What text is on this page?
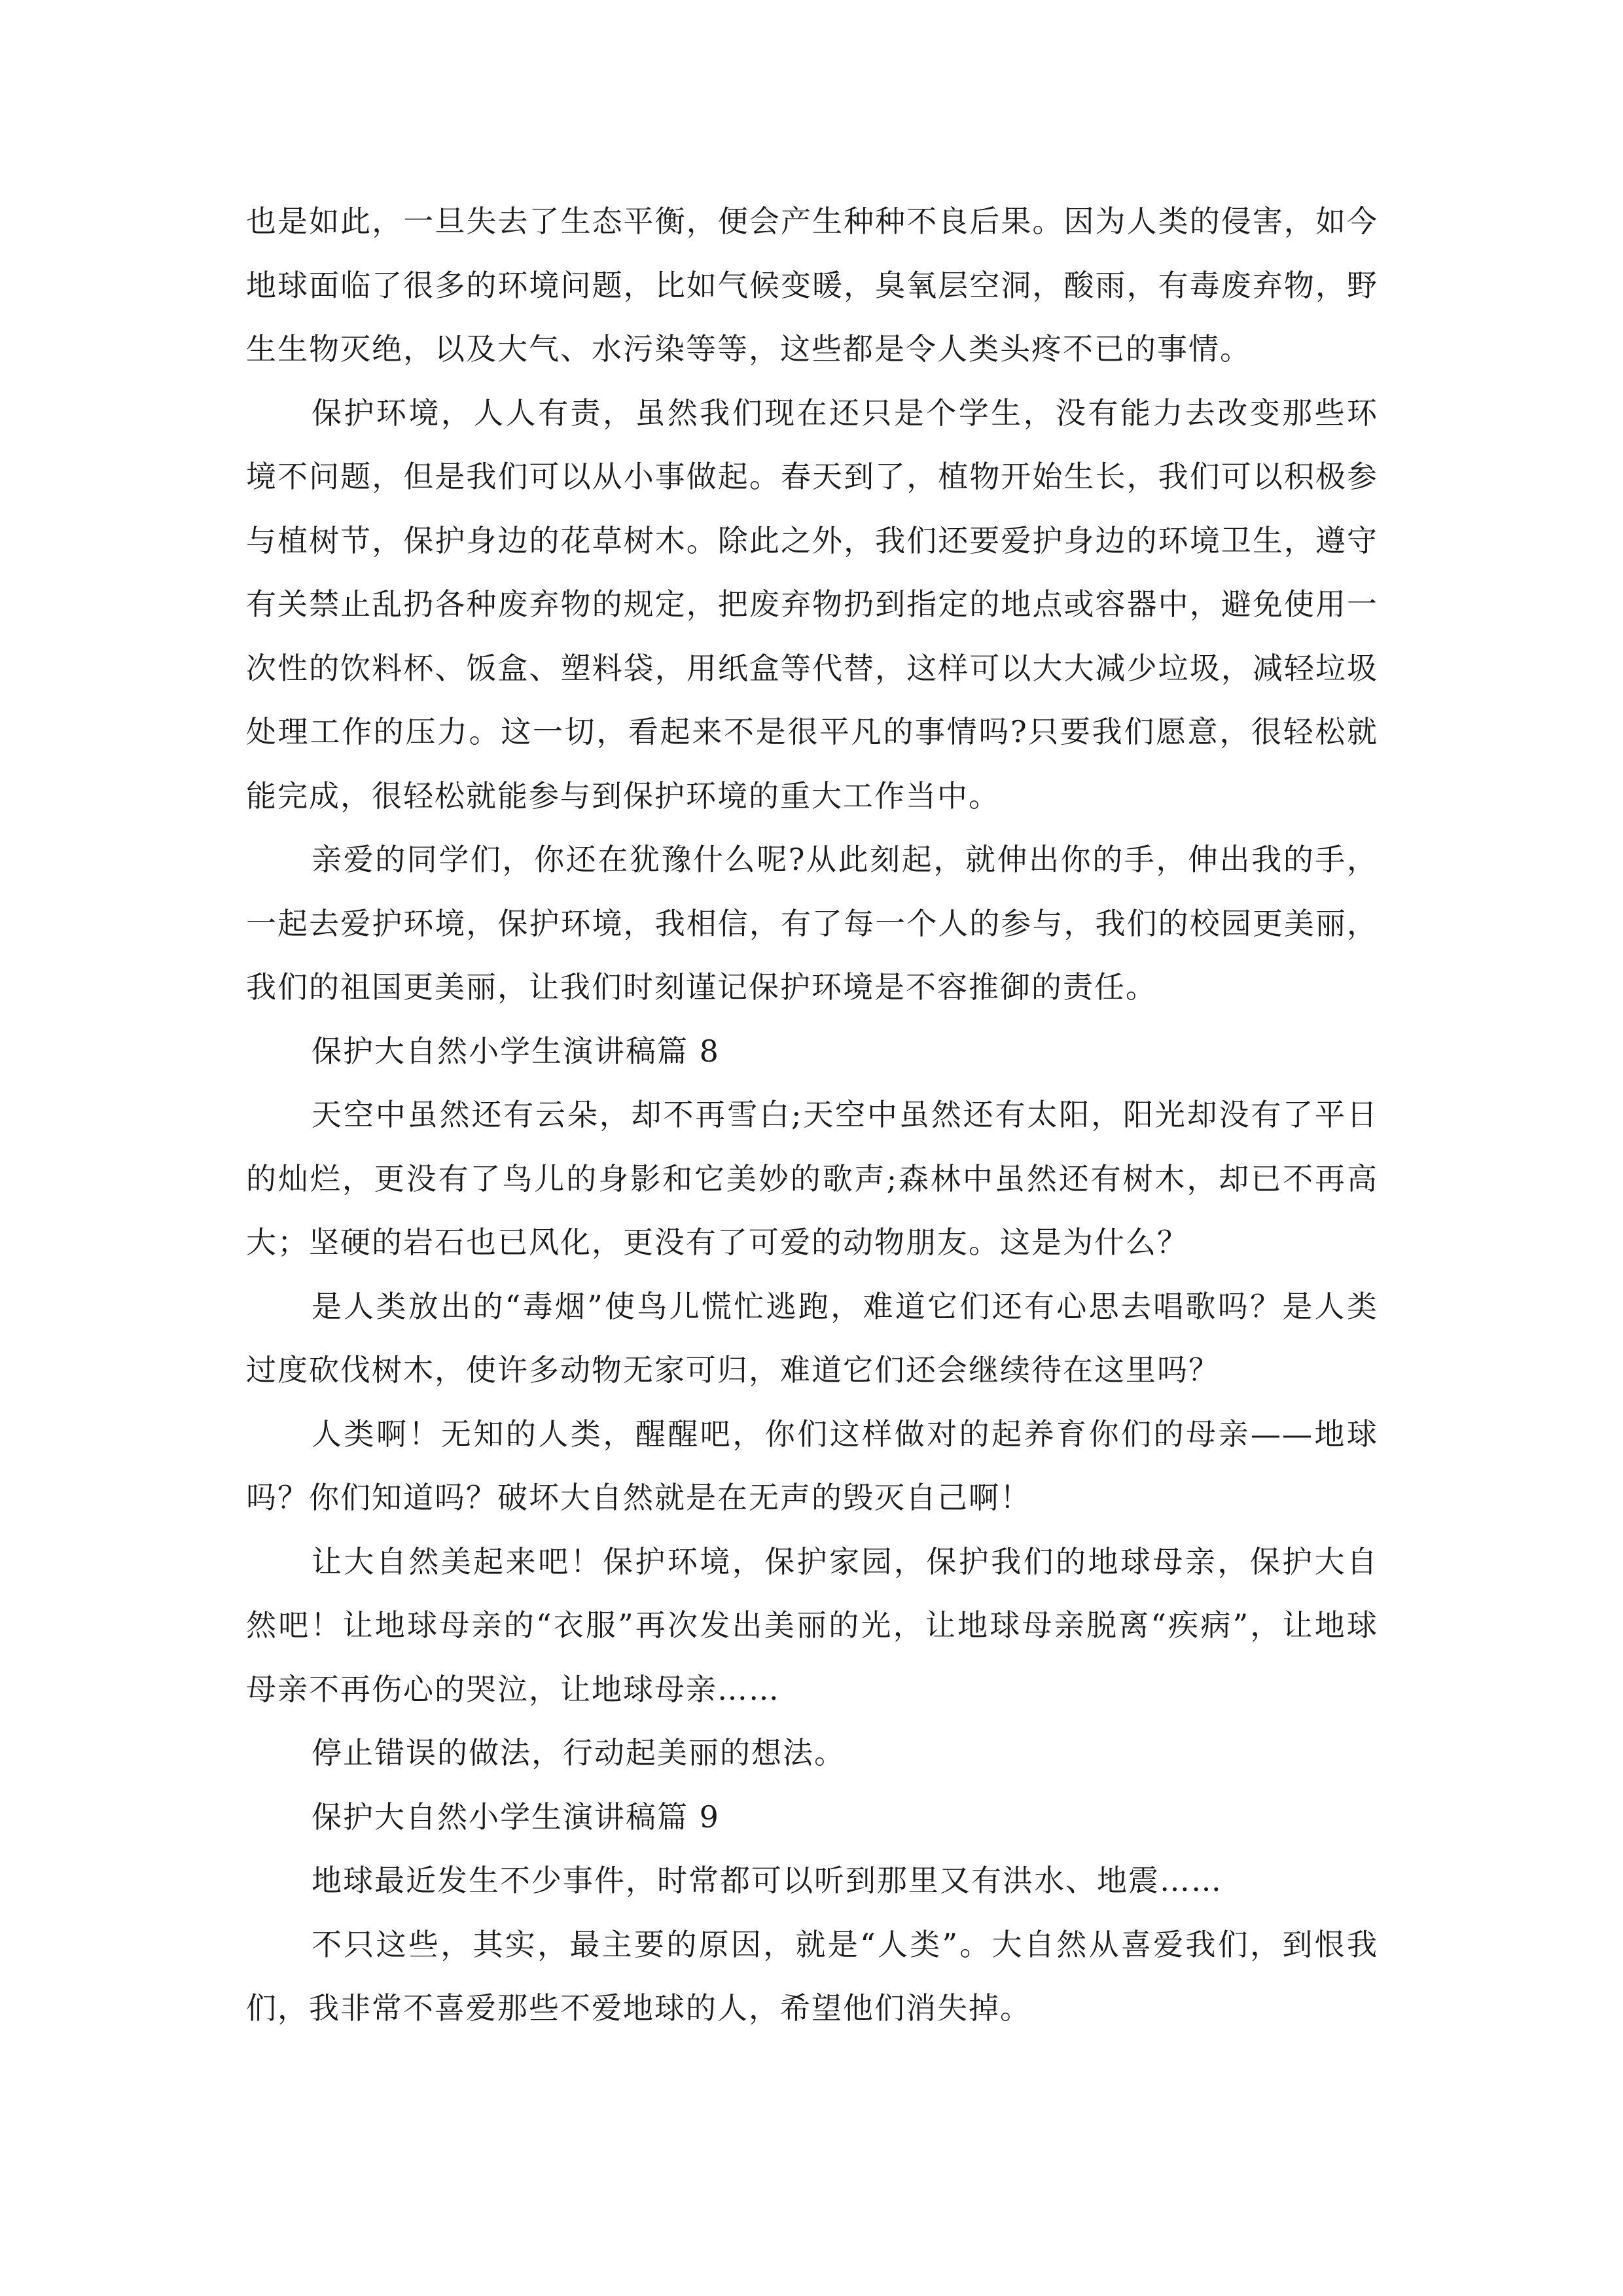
也是如此，一旦失去了生态平衡，便会产生种种不良后果。因为人类的侵害，如今地球面临了很多的环境问题，比如气候变暖，臭氧层空洞，酸雨，有毒废弃物，野生生物灭绝，以及大气、水污染等等，这些都是令人类头疼不已的事情。

保护环境，人人有责，虽然我们现在还只是个学生，没有能力去改变那些环境不问题，但是我们可以从小事做起。春天到了，植物开始生长，我们可以积极参与植树节，保护身边的花草树木。除此之外，我们还要爱护身边的环境卫生，遵守有关禁止乱扔各种废弃物的规定，把废弃物扔到指定的地点或容器中，避免使用一次性的饮料杯、饭盒、塑料袋，用纸盒等代替，这样可以大大减少垃圾，减轻垃圾处理工作的压力。这一切，看起来不是很平凡的事情吗?只要我们愿意，很轻松就能完成，很轻松就能参与到保护环境的重大工作当中。

亲爱的同学们，你还在犹豫什么呢?从此刻起，就伸出你的手，伸出我的手，一起去爱护环境，保护环境，我相信，有了每一个人的参与，我们的校园更美丽，我们的祖国更美丽，让我们时刻谨记保护环境是不容推御的责任。

保护大自然小学生演讲稿篇 8

天空中虽然还有云朵，却不再雪白;天空中虽然还有太阳，阳光却没有了平日的灿烂，更没有了鸟儿的身影和它美妙的歌声;森林中虽然还有树木，却已不再高大；坚硬的岩石也已风化，更没有了可爱的动物朋友。这是为什么？

是人类放出的“毒烟”使鸟儿慌忙逃跑，难道它们还有心思去唱歌吗？是人类过度砍伐树木，使许多动物无家可归，难道它们还会继续待在这里吗？

人类啊！无知的人类，醒醒吧，你们这样做对的起养育你们的母亲——地球吗？你们知道吗？破坏大自然就是在无声的毁灭自己啊！

让大自然美起来吧！保护环境，保护家园，保护我们的地球母亲，保护大自然吧！让地球母亲的“衣服”再次发出美丽的光，让地球母亲脱离“疾病”，让地球母亲不再伤心的哭泣，让地球母亲……

停止错误的做法，行动起美丽的想法。

保护大自然小学生演讲稿篇 9

地球最近发生不少事件，时常都可以听到那里又有洪水、地震……

不只这些，其实，最主要的原因，就是“人类”。大自然从喜爱我们，到恨我们，我非常不喜爱那些不爱地球的人，希望他们消失掉。
